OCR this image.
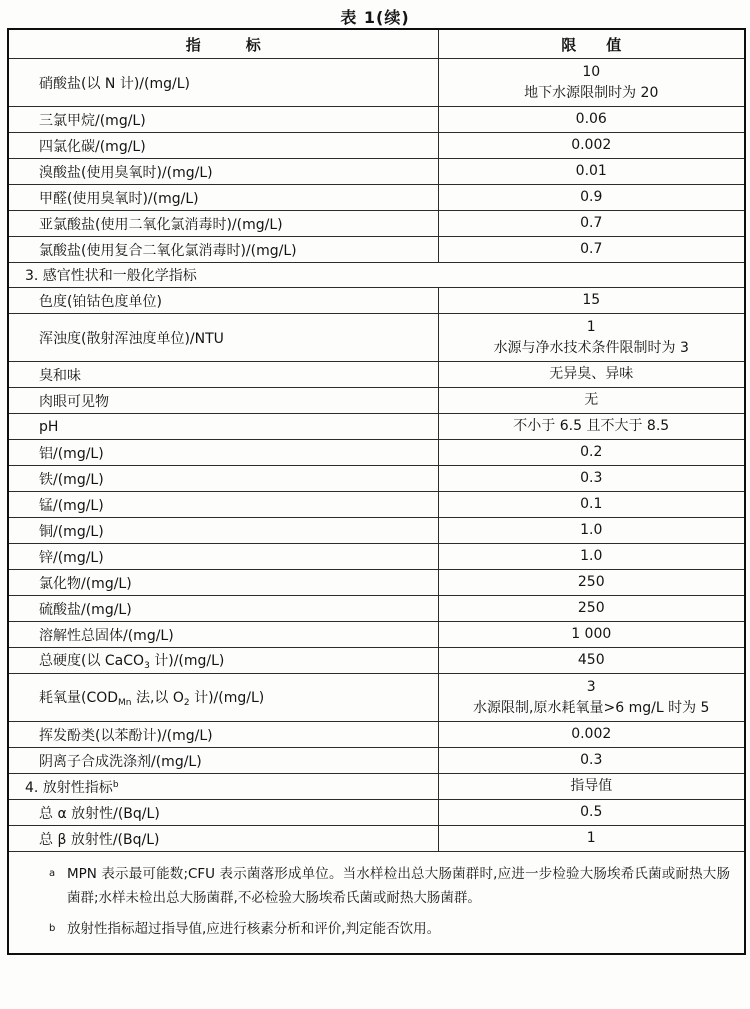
表 1(续)
指　　　标	限　　值
硝酸盐(以 N 计)/(mg/L)	10
地下水源限制时为 20

三氯甲烷/(mg/L)	0.06

四氯化碳/(mg/L)	0.002

溴酸盐(使用臭氧时)/(mg/L)	0.01

甲醛(使用臭氧时)/(mg/L)	0.9

亚氯酸盐(使用二氧化氯消毒时)/(mg/L)	0.7

氯酸盐(使用复合二氧化氯消毒时)/(mg/L)	0.7

3. 感官性状和一般化学指标	
色度(铂钴色度单位)	15

浑浊度(散射浑浊度单位)/NTU	1
水源与净水技术条件限制时为 3

臭和味	无异臭、异味

肉眼可见物	无

pH	不小于 6.5 且不大于 8.5

铝/(mg/L)	0.2

铁/(mg/L)	0.3

锰/(mg/L)	0.1

铜/(mg/L)	1.0

锌/(mg/L)	1.0

氯化物/(mg/L)	250

硫酸盐/(mg/L)	250

溶解性总固体/(mg/L)	1 000

总硬度(以 CaCO$_3$ 计)/(mg/L)	450

耗氧量($COD_{Mn}$ 法,以 $O_2$ 计)/(mg/L)	3
水源限制,原水耗氧量>6 mg/L 时为 5

挥发酚类(以苯酚计)/(mg/L)	0.002

阴离子合成洗涤剂/(mg/L)	0.3

4. 放射性指标$^b$	指导值

总 α 放射性/(Bq/L)	0.5

总 β 放射性/(Bq/L)	1

a MPN 表示最可能数;CFU 表示菌落形成单位。当水样检出总大肠菌群时,应进一步检验大肠埃希氏菌或耐热大肠菌群;水样未检出总大肠菌群,不必检验大肠埃希氏菌或耐热大肠菌群。
b 放射性指标超过指导值,应进行核素分析和评价,判定能否饮用。	
